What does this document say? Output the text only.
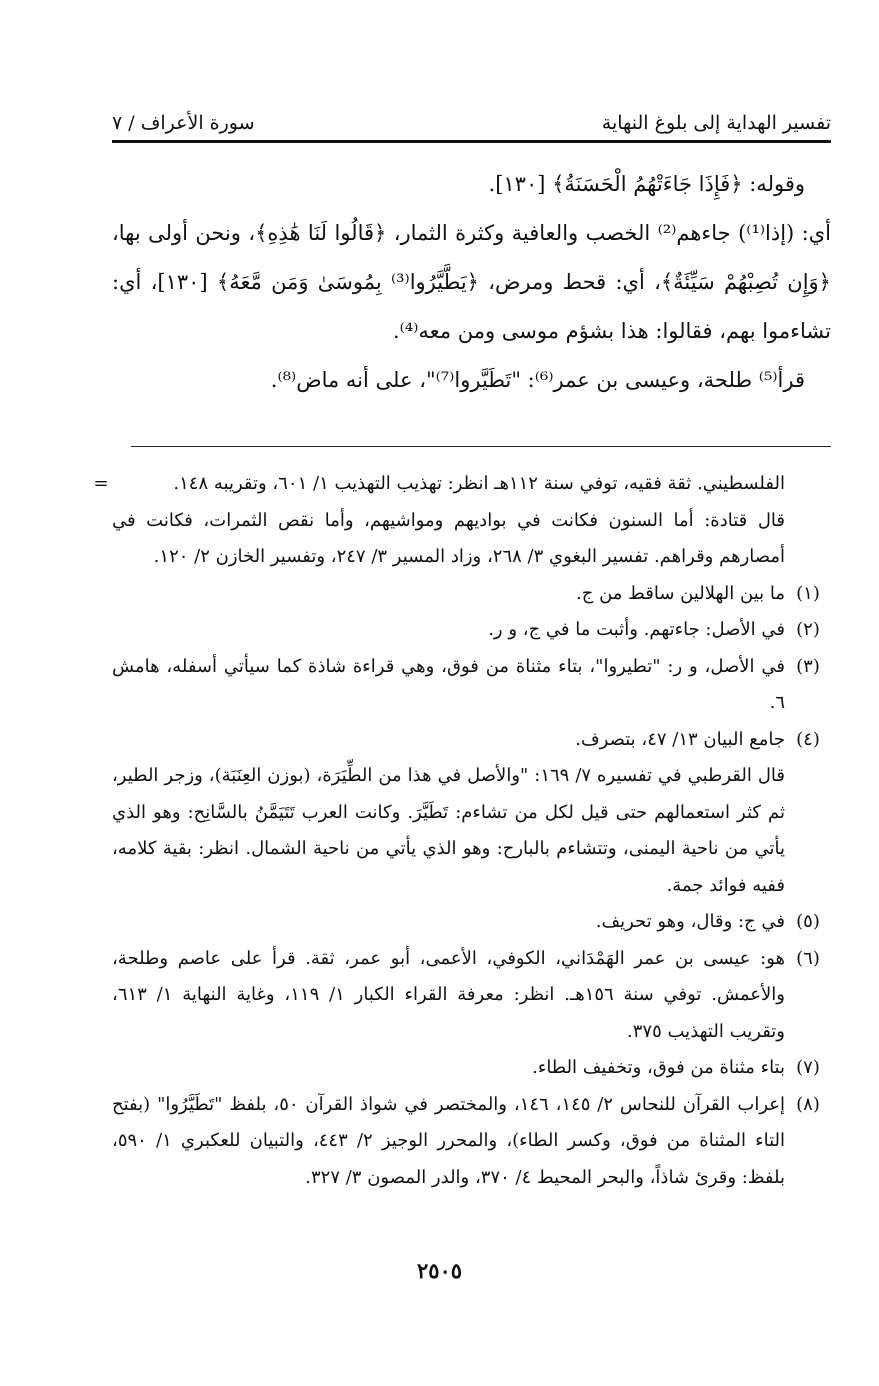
تفسير الهداية إلى بلوغ النهاية
سورة الأعراف / ٧

وقوله: ﴿فَإِذَا جَاءَتْهُمُ الْحَسَنَةُ﴾ [١٣٠].

أي: (إذا⁽¹⁾) جاءهم⁽²⁾ الخصب والعافية وكثرة الثمار، ﴿قَالُوا لَنَا هَٰذِهِ﴾، ونحن أولى بها، ﴿وَإِن تُصِبْهُمْ سَيِّئَةٌ﴾، أي: قحط ومرض، ﴿يَطَّيَّرُوا⁽³⁾ بِمُوسَىٰ وَمَن مَّعَهُ﴾ [١٣٠]، أي: تشاءموا بهم، فقالوا: هذا بشؤم موسى ومن معه⁽⁴⁾.

قرأ⁽⁵⁾ طلحة، وعيسى بن عمر⁽⁶⁾: "تَطَيَّروا⁽⁷⁾"، على أنه ماض⁽⁸⁾.

=	الفلسطيني. ثقة فقيه، توفي سنة ١١٢هـ انظر: تهذيب التهذيب ١/ ٦٠١، وتقريبه ١٤٨.
قال قتادة: أما السنون فكانت في بواديهم ومواشيهم، وأما نقص الثمرات، فكانت في أمصارهم وقراهم. تفسير البغوي ٣/ ٢٦٨، وزاد المسير ٣/ ٢٤٧، وتفسير الخازن ٢/ ١٢٠.
(١)
ما بين الهلالين ساقط من ج.
(٢)
في الأصل: جاءتهم. وأثبت ما في ج، و ر.
(٣)
في الأصل، و ر: "تطيروا"، بتاء مثناة من فوق، وهي قراءة شاذة كما سيأتي أسفله، هامش ٦.
(٤)
جامع البيان ١٣/ ٤٧، بتصرف.
قال القرطبي في تفسيره ٧/ ١٦٩: "والأصل في هذا من الطِّيَرَة، (بوزن العِنَبَة)، وزجر الطير، ثم كثر استعمالهم حتى قيل لكل من تشاءم: تَطَيَّرَ. وكانت العرب تَتَيَمَّنُ بالسَّانِح: وهو الذي يأتي من ناحية اليمنى، وتتشاءم بالبارح: وهو الذي يأتي من ناحية الشمال. انظر: بقية كلامه، ففيه فوائد جمة.
(٥)
في ج: وقال، وهو تحريف.
(٦)
هو: عيسى بن عمر الهَمْدَاني، الكوفي، الأعمى، أبو عمر، ثقة. قرأ على عاصم وطلحة، والأعمش. توفي سنة ١٥٦هـ. انظر: معرفة القراء الكبار ١/ ١١٩، وغاية النهاية ١/ ٦١٣، وتقريب التهذيب ٣٧٥.
(٧)
بتاء مثناة من فوق، وتخفيف الطاء.
(٨)
إعراب القرآن للنحاس ٢/ ١٤٥، ١٤٦، والمختصر في شواذ القرآن ٥٠، بلفظ "تَطَيَّرُوا" (بفتح التاء المثناة من فوق، وكسر الطاء)، والمحرر الوجيز ٢/ ٤٤٣، والتبيان للعكبري ١/ ٥٩٠، بلفظ: وقرئ شاذاً، والبحر المحيط ٤/ ٣٧٠، والدر المصون ٣/ ٣٢٧.
٢٥٠٥
